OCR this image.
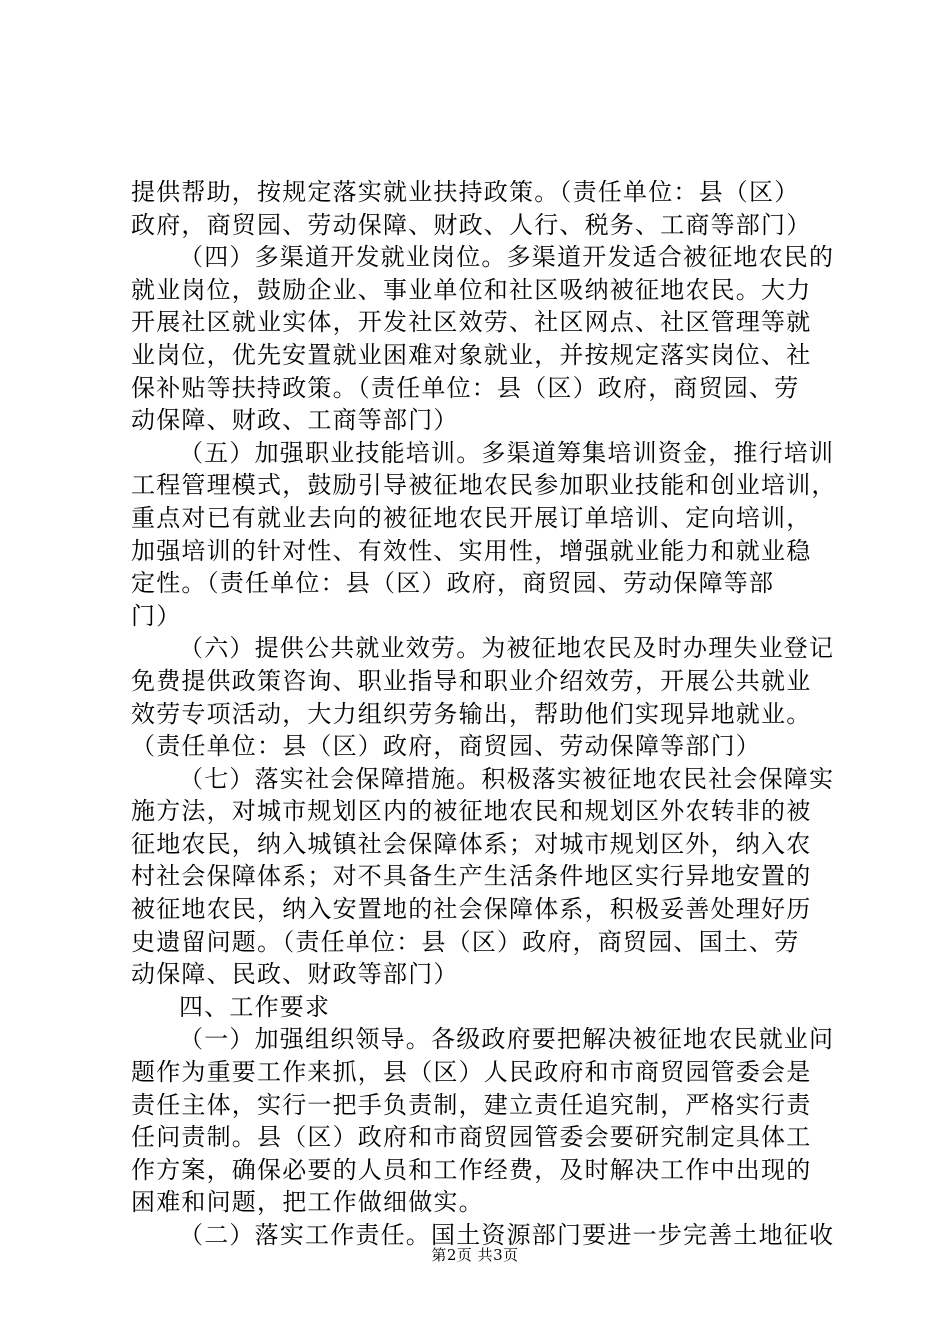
提供帮助，按规定落实就业扶持政策。（责任单位：县（区）
政府，商贸园、劳动保障、财政、人行、税务、工商等部门）
（四）多渠道开发就业岗位。多渠道开发适合被征地农民的
就业岗位，鼓励企业、事业单位和社区吸纳被征地农民。大力
开展社区就业实体，开发社区效劳、社区网点、社区管理等就
业岗位，优先安置就业困难对象就业，并按规定落实岗位、社
保补贴等扶持政策。（责任单位：县（区）政府，商贸园、劳
动保障、财政、工商等部门）
（五）加强职业技能培训。多渠道筹集培训资金，推行培训
工程管理模式，鼓励引导被征地农民参加职业技能和创业培训，
重点对已有就业去向的被征地农民开展订单培训、定向培训，
加强培训的针对性、有效性、实用性，增强就业能力和就业稳
定性。（责任单位：县（区）政府，商贸园、劳动保障等部
门）
（六）提供公共就业效劳。为被征地农民及时办理失业登记
免费提供政策咨询、职业指导和职业介绍效劳，开展公共就业
效劳专项活动，大力组织劳务输出，帮助他们实现异地就业。
（责任单位：县（区）政府，商贸园、劳动保障等部门）
（七）落实社会保障措施。积极落实被征地农民社会保障实
施方法，对城市规划区内的被征地农民和规划区外农转非的被
征地农民，纳入城镇社会保障体系；对城市规划区外，纳入农
村社会保障体系；对不具备生产生活条件地区实行异地安置的
被征地农民，纳入安置地的社会保障体系，积极妥善处理好历
史遗留问题。（责任单位：县（区）政府，商贸园、国土、劳
动保障、民政、财政等部门）
四、工作要求
（一）加强组织领导。各级政府要把解决被征地农民就业问
题作为重要工作来抓，县（区）人民政府和市商贸园管委会是
责任主体，实行一把手负责制，建立责任追究制，严格实行责
任问责制。县（区）政府和市商贸园管委会要研究制定具体工
作方案，确保必要的人员和工作经费，及时解决工作中出现的
困难和问题，把工作做细做实。
（二）落实工作责任。国土资源部门要进一步完善土地征收
第2页 共3页
